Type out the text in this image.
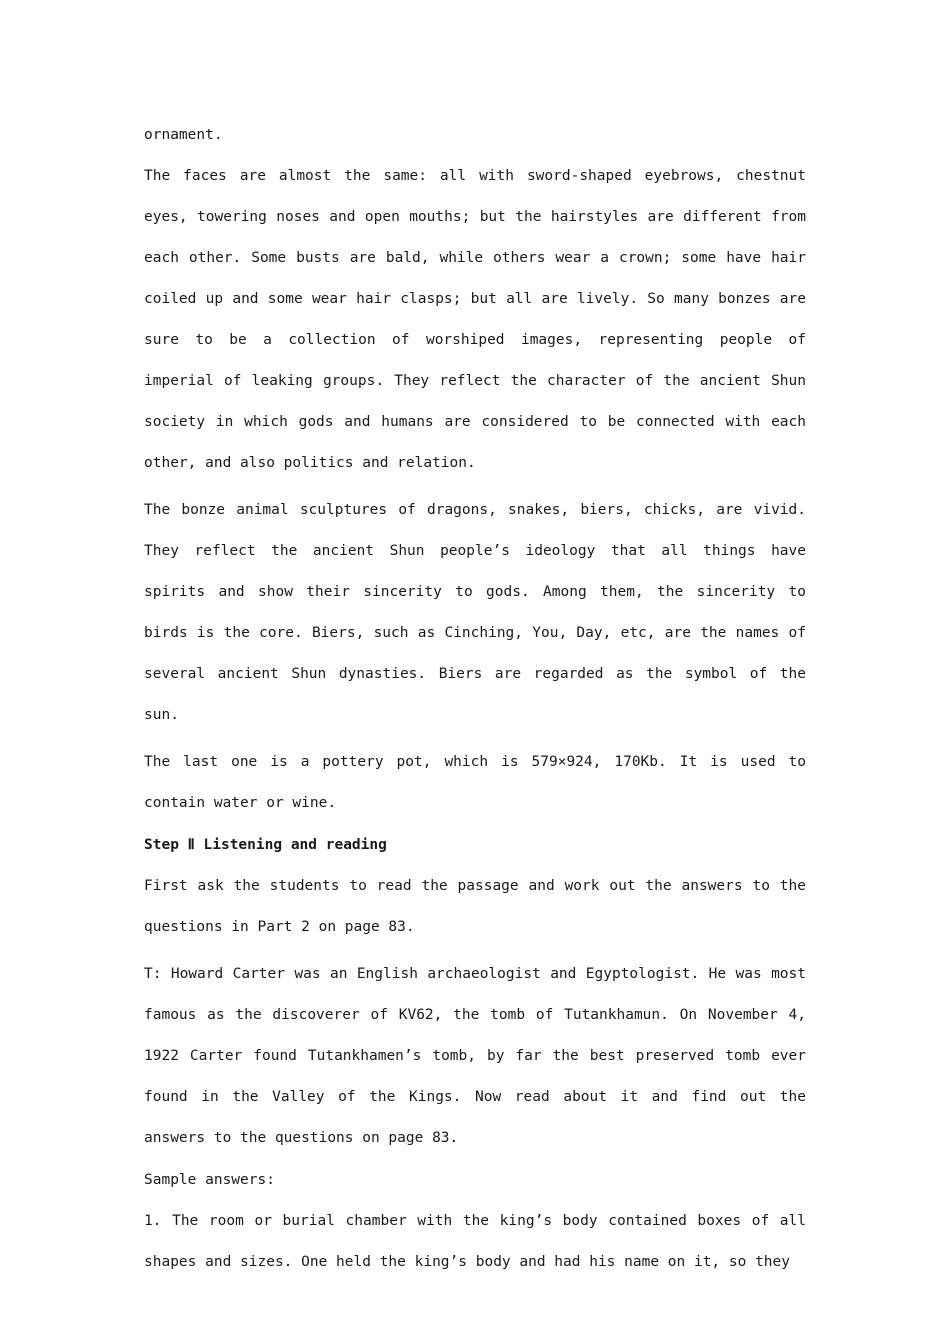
ornament.

The faces are almost the same: all with sword-shaped eyebrows, chestnut eyes, towering noses and open mouths; but the hairstyles are different from each other. Some busts are bald, while others wear a crown; some have hair coiled up and some wear hair clasps; but all are lively. So many bonzes are sure to be a collection of worshiped images, representing people of imperial of leaking groups. They reflect the character of the ancient Shun society in which gods and humans are considered to be connected with each other, and also politics and relation.

The bonze animal sculptures of dragons, snakes, biers, chicks, are vivid. They reflect the ancient Shun people’s ideology that all things have spirits and show their sincerity to gods. Among them, the sincerity to birds is the core. Biers, such as Cinching, You, Day, etc, are the names of several ancient Shun dynasties. Biers are regarded as the symbol of the sun.

The last one is a pottery pot, which is 579×924, 170Kb. It is used to contain water or wine.

Step Ⅱ Listening and reading

First ask the students to read the passage and work out the answers to the questions in Part 2 on page 83.

T: Howard Carter was an English archaeologist and Egyptologist. He was most famous as the discoverer of KV62, the tomb of Tutankhamun. On November 4, 1922 Carter found Tutankhamen’s tomb, by far the best preserved tomb ever found in the Valley of the Kings. Now read about it and find out the answers to the questions on page 83.

Sample answers:

1. The room or burial chamber with the king’s body contained boxes of all shapes and sizes. One held the king’s body and had his name on it, so they
